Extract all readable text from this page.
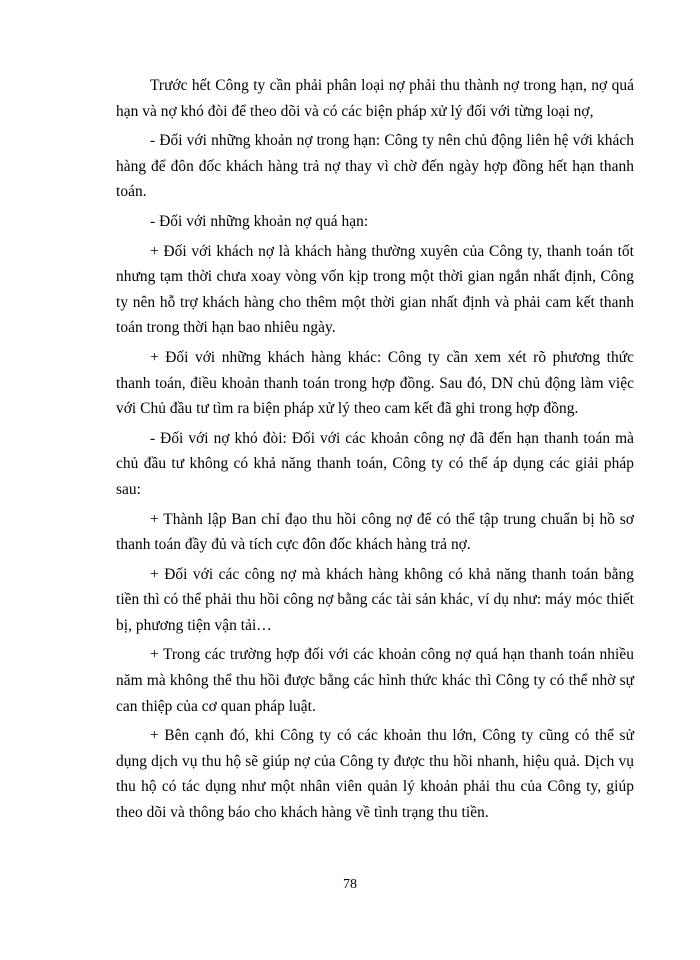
Trước hết Công ty cần phải phân loại nợ phải thu thành nợ trong hạn, nợ quá hạn và nợ khó đòi để theo dõi và có các biện pháp xử lý đối với từng loại nợ,

- Đối với những khoản nợ trong hạn: Công ty nên chủ động liên hệ với khách hàng để đôn đốc khách hàng trả nợ thay vì chờ đến ngày hợp đồng hết hạn thanh toán.

- Đối với những khoản nợ quá hạn:

+ Đối với khách nợ là khách hàng thường xuyên của Công ty, thanh toán tốt nhưng tạm thời chưa xoay vòng vốn kịp trong một thời gian ngắn nhất định, Công ty nên hỗ trợ khách hàng cho thêm một thời gian nhất định và phải cam kết thanh toán trong thời hạn bao nhiêu ngày.

+ Đối với những khách hàng khác: Công ty cần xem xét rõ phương thức thanh toán, điều khoản thanh toán trong hợp đồng. Sau đó, DN chủ động làm việc với Chủ đầu tư tìm ra biện pháp xử lý theo cam kết đã ghi trong hợp đồng.

- Đối với nợ khó đòi: Đối với các khoản công nợ đã đến hạn thanh toán mà chủ đầu tư không có khả năng thanh toán, Công ty có thể áp dụng các giải pháp sau:

+ Thành lập Ban chỉ đạo thu hồi công nợ để có thể tập trung chuẩn bị hồ sơ thanh toán đầy đủ và tích cực đôn đốc khách hàng trả nợ.

+ Đối với các công nợ mà khách hàng không có khả năng thanh toán bằng tiền thì có thể phải thu hồi công nợ bằng các tài sản khác, ví dụ như: máy móc thiết bị, phương tiện vận tải…

+ Trong các trường hợp đối với các khoản công nợ quá hạn thanh toán nhiều năm mà không thể thu hồi được bằng các hình thức khác thì Công ty có thể nhờ sự can thiệp của cơ quan pháp luật.

+ Bên cạnh đó, khi Công ty có các khoản thu lớn, Công ty cũng có thể sử dụng dịch vụ thu hộ sẽ giúp nợ của Công ty được thu hồi nhanh, hiệu quả. Dịch vụ thu hộ có tác dụng như một nhân viên quản lý khoản phải thu của Công ty, giúp theo dõi và thông báo cho khách hàng về tình trạng thu tiền.

78
